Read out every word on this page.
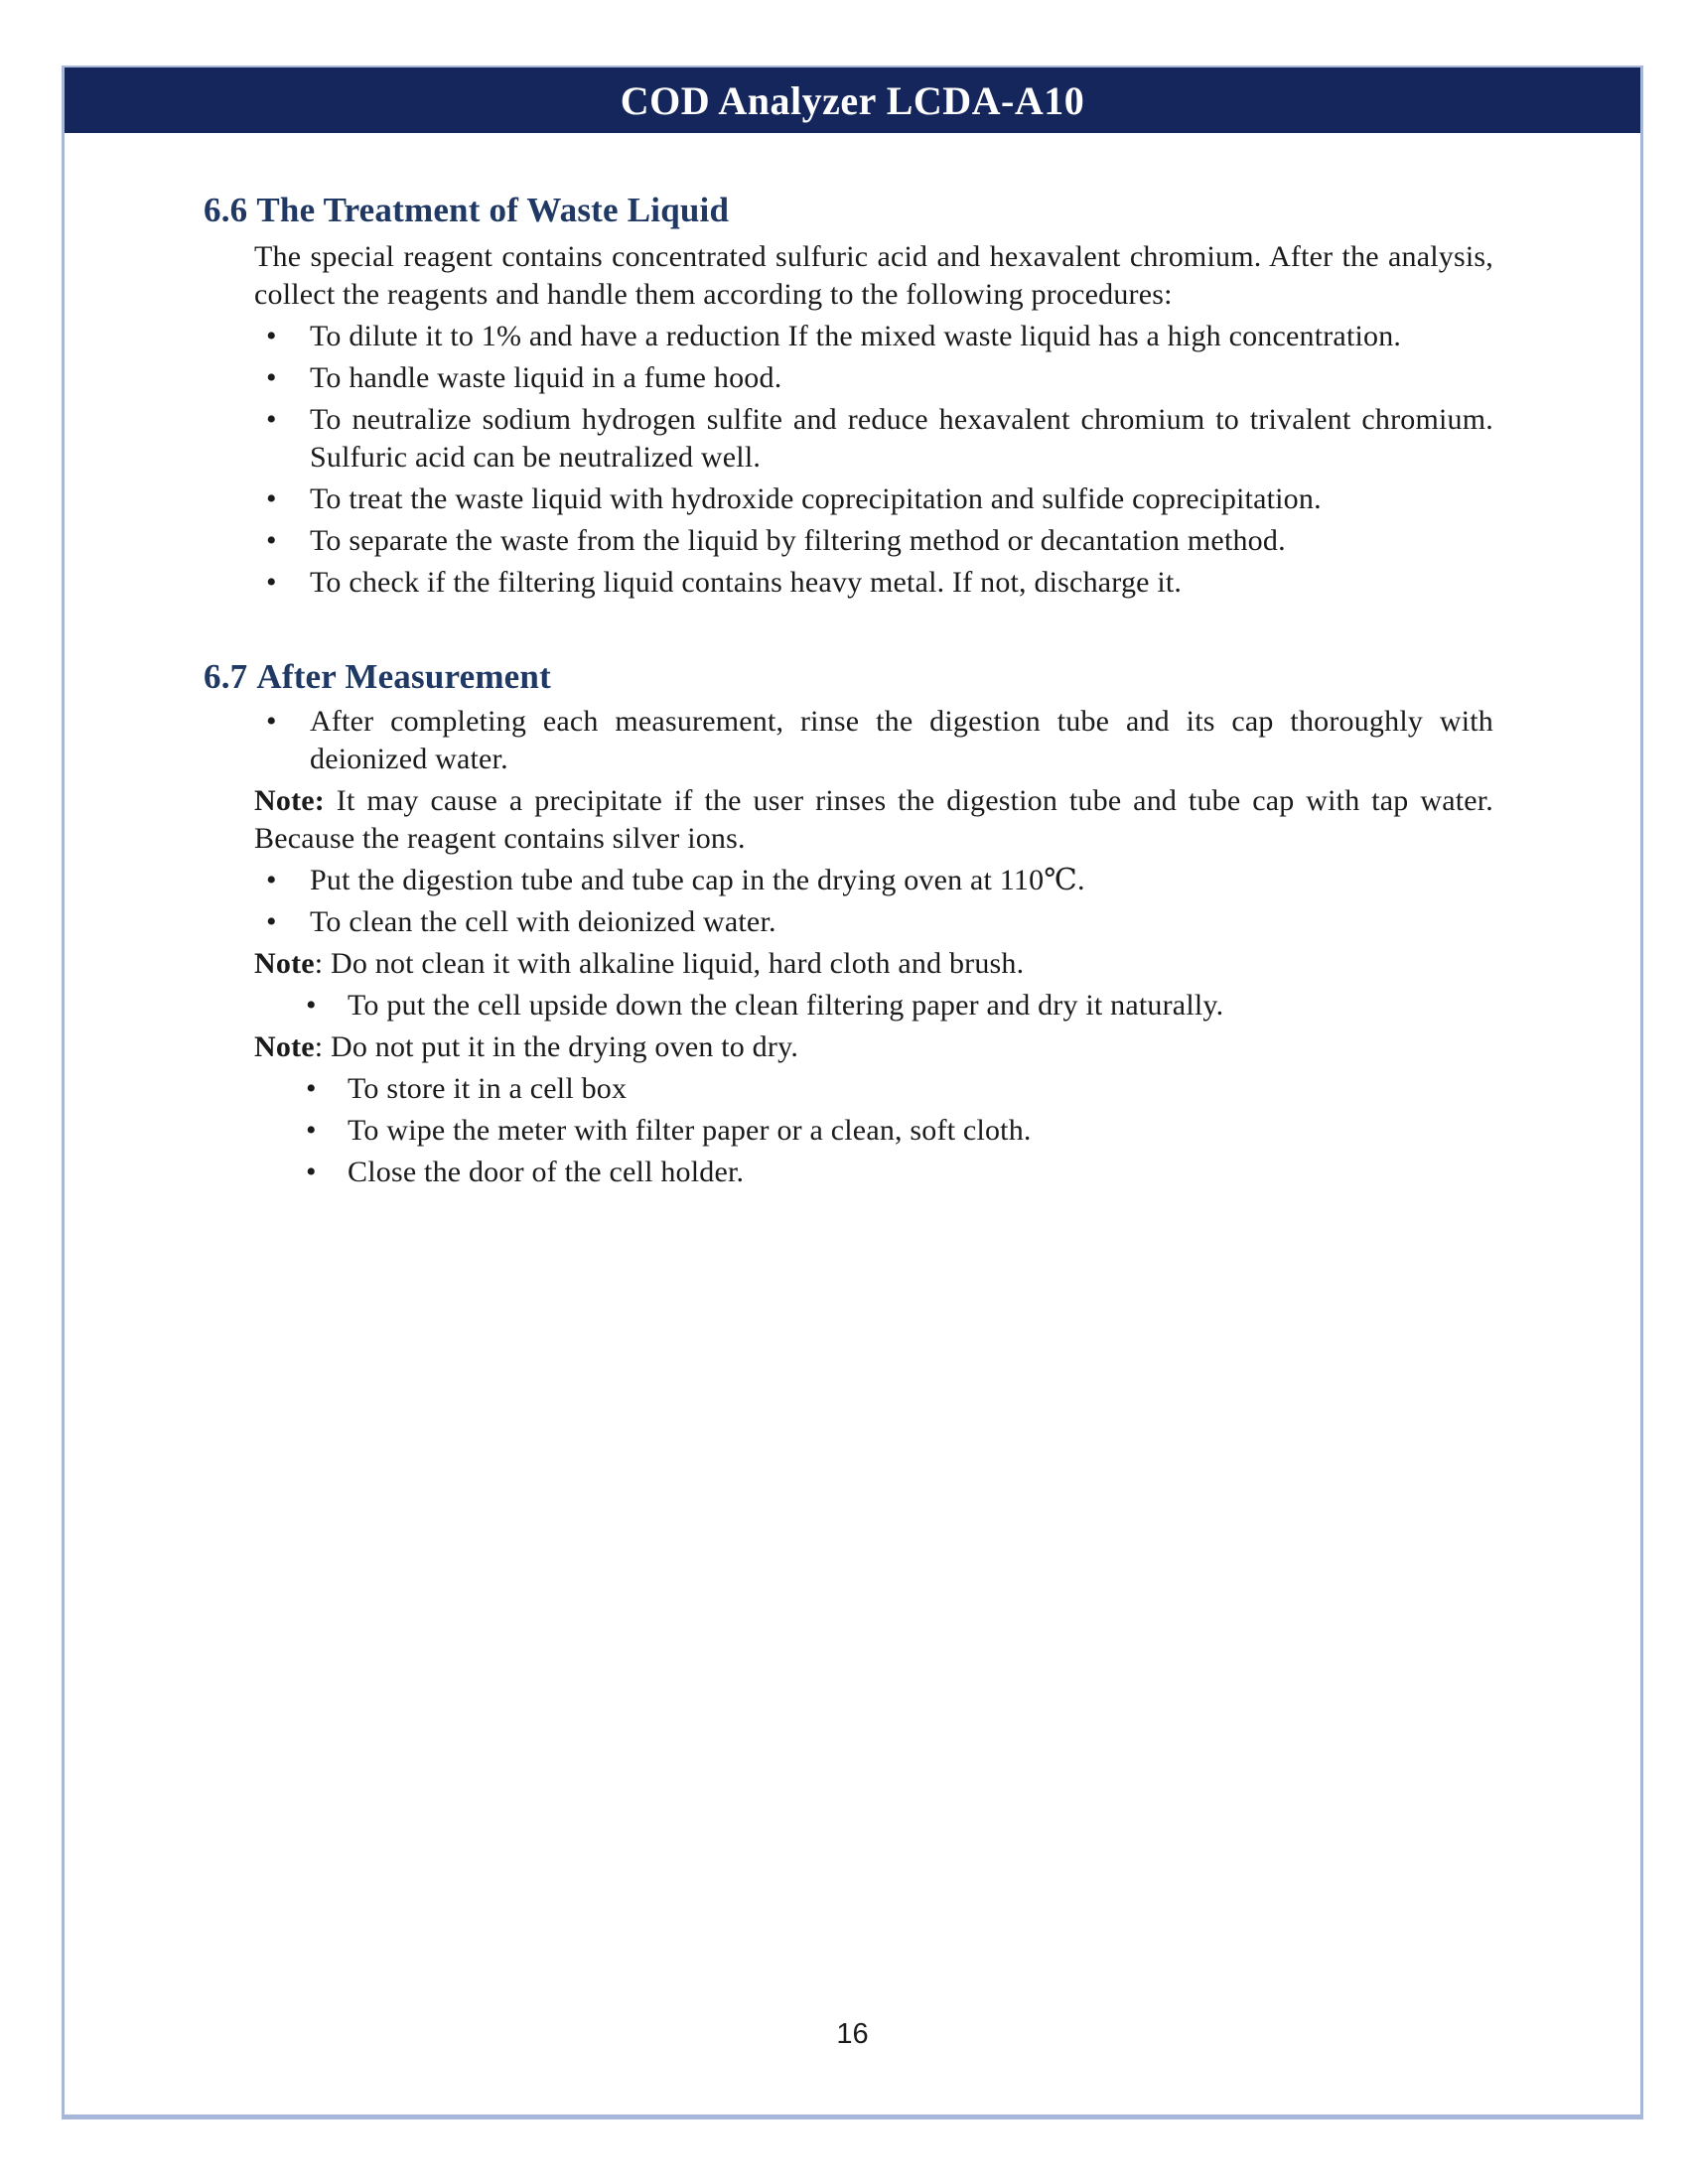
COD Analyzer LCDA-A10
6.6 The Treatment of Waste Liquid

The special reagent contains concentrated sulfuric acid and hexavalent chromium. After the analysis, collect the reagents and handle them according to the following procedures:

•	To dilute it to 1% and have a reduction If the mixed waste liquid has a high concentration.
•	To handle waste liquid in a fume hood.
•	To neutralize sodium hydrogen sulfite and reduce hexavalent chromium to trivalent chromium. Sulfuric acid can be neutralized well.
•	To treat the waste liquid with hydroxide coprecipitation and sulfide coprecipitation.
•	To separate the waste from the liquid by filtering method or decantation method.
•	To check if the filtering liquid contains heavy metal. If not, discharge it.
6.7 After Measurement
•	After completing each measurement, rinse the digestion tube and its cap thoroughly with deionized water.

Note: It may cause a precipitate if the user rinses the digestion tube and tube cap with tap water. Because the reagent contains silver ions.

•	Put the digestion tube and tube cap in the drying oven at 110℃.
•	To clean the cell with deionized water.

Note: Do not clean it with alkaline liquid, hard cloth and brush.

•	To put the cell upside down the clean filtering paper and dry it naturally.

Note: Do not put it in the drying oven to dry.

•	To store it in a cell box
•	To wipe the meter with filter paper or a clean, soft cloth.
•	Close the door of the cell holder.
16
